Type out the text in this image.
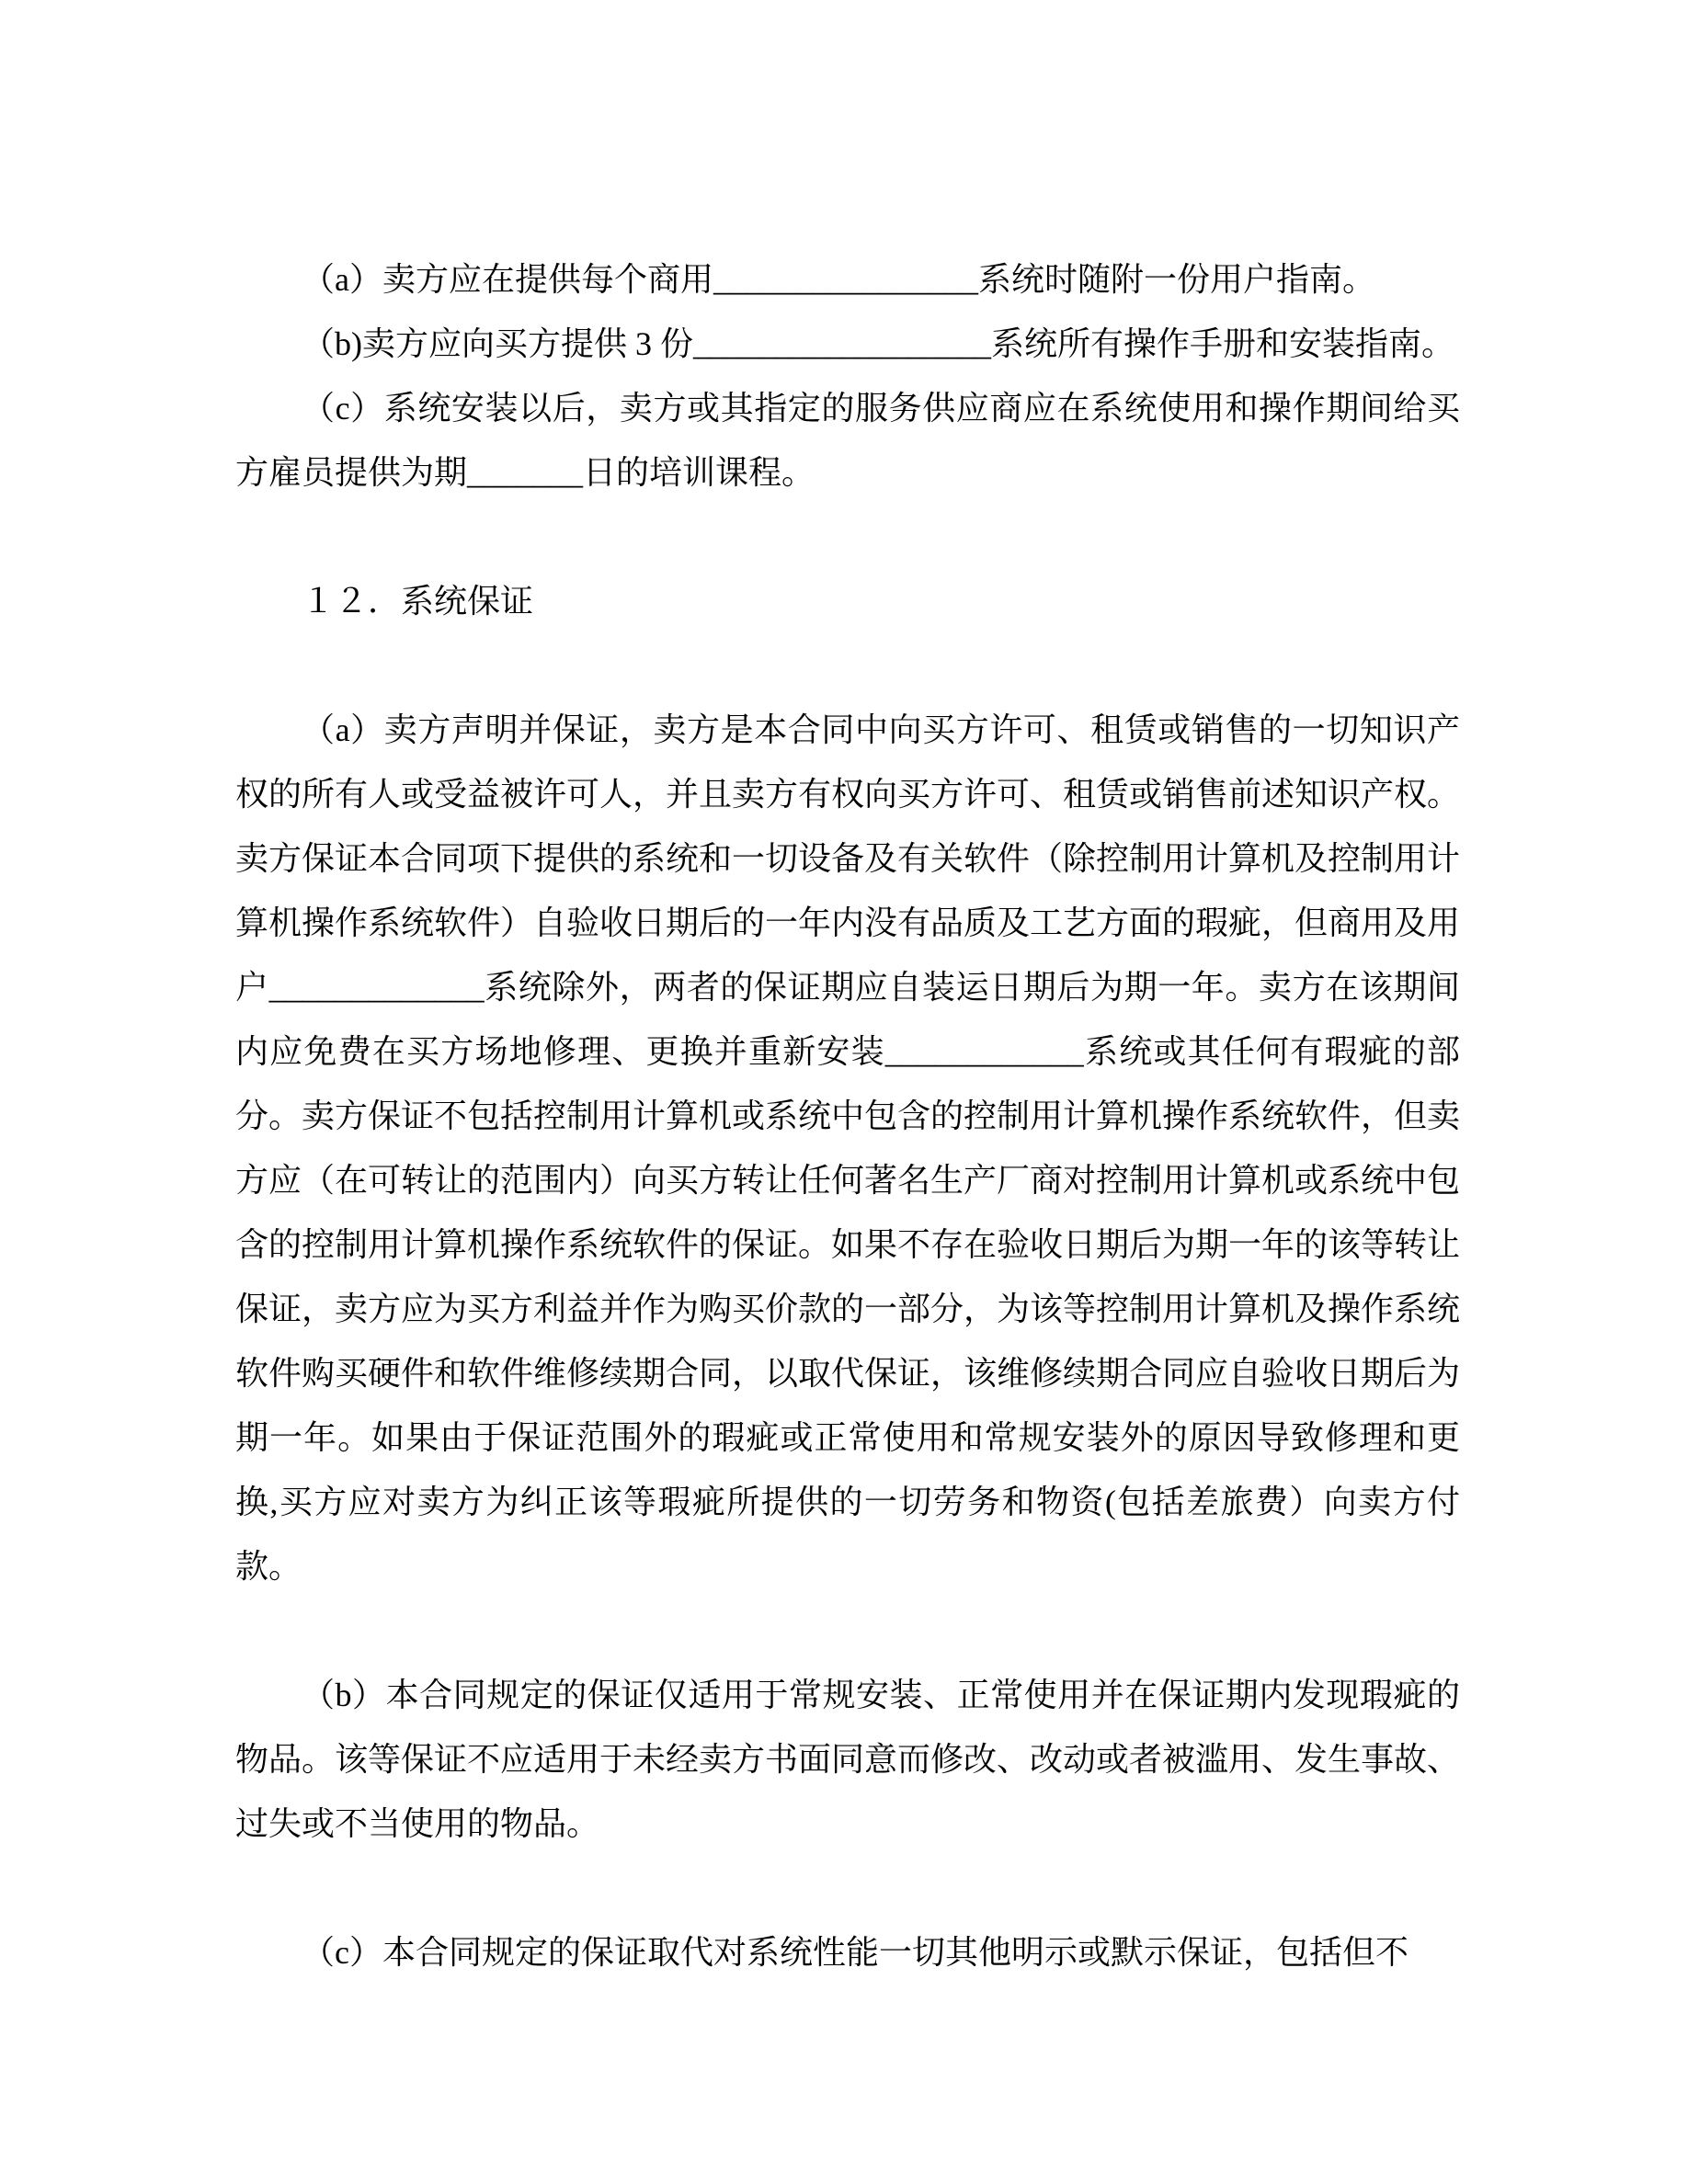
（a）卖方应在提供每个商用________________系统时随附一份用户指南。

（b)卖方应向买方提供 3 份__________________系统所有操作手册和安装指南。

（c）系统安装以后，卖方或其指定的服务供应商应在系统使用和操作期间给买方雇员提供为期_______日的培训课程。

１２．系统保证

（a）卖方声明并保证，卖方是本合同中向买方许可、租赁或销售的一切知识产权的所有人或受益被许可人，并且卖方有权向买方许可、租赁或销售前述知识产权。卖方保证本合同项下提供的系统和一切设备及有关软件（除控制用计算机及控制用计算机操作系统软件）自验收日期后的一年内没有品质及工艺方面的瑕疵，但商用及用户_____________系统除外，两者的保证期应自装运日期后为期一年。卖方在该期间内应免费在买方场地修理、更换并重新安装____________系统或其任何有瑕疵的部分。卖方保证不包括控制用计算机或系统中包含的控制用计算机操作系统软件，但卖方应（在可转让的范围内）向买方转让任何著名生产厂商对控制用计算机或系统中包含的控制用计算机操作系统软件的保证。如果不存在验收日期后为期一年的该等转让保证，卖方应为买方利益并作为购买价款的一部分，为该等控制用计算机及操作系统软件购买硬件和软件维修续期合同，以取代保证，该维修续期合同应自验收日期后为期一年。如果由于保证范围外的瑕疵或正常使用和常规安装外的原因导致修理和更换,买方应对卖方为纠正该等瑕疵所提供的一切劳务和物资(包括差旅费）向卖方付款。

（b）本合同规定的保证仅适用于常规安装、正常使用并在保证期内发现瑕疵的物品。该等保证不应适用于未经卖方书面同意而修改、改动或者被滥用、发生事故、过失或不当使用的物品。

（c）本合同规定的保证取代对系统性能一切其他明示或默示保证，包括但不
